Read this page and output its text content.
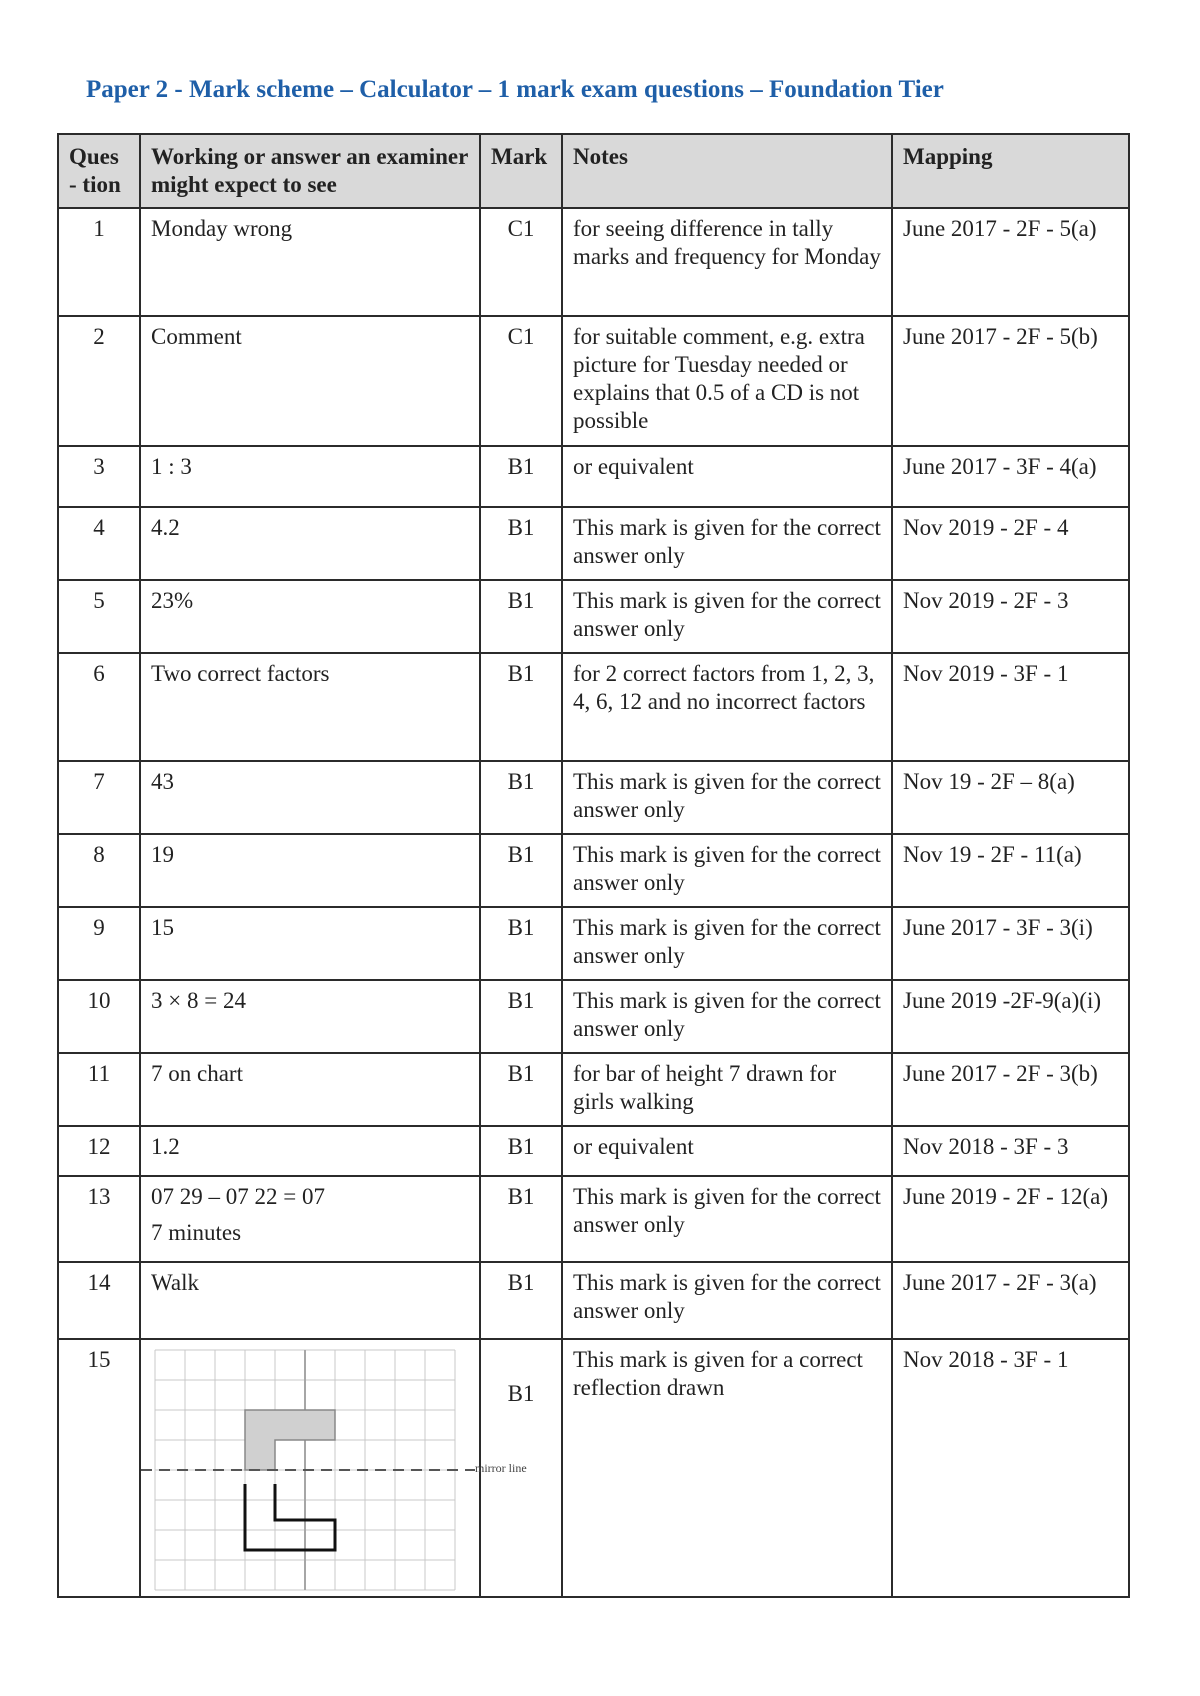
Paper 2 - Mark scheme – Calculator – 1 mark exam questions – Foundation Tier
Ques - tion	Working or answer an examiner might expect to see	Mark	Notes	Mapping
1	Monday wrong	C1	for seeing difference in tally marks and frequency for Monday	June 2017 - 2F - 5(a)
2	Comment	C1	for suitable comment, e.g. extra picture for Tuesday needed or explains that 0.5 of a CD is not possible	June 2017 - 2F - 5(b)
3	1 : 3	B1	or equivalent	June 2017 - 3F - 4(a)
4	4.2	B1	This mark is given for the correct answer only	Nov 2019 - 2F - 4
5	23%	B1	This mark is given for the correct answer only	Nov 2019 - 2F - 3
6	Two correct factors	B1	for 2 correct factors from 1, 2, 3, 4, 6, 12 and no incorrect factors	Nov 2019 - 3F - 1
7	43	B1	This mark is given for the correct answer only	Nov 19 - 2F – 8(a)
8	19	B1	This mark is given for the correct answer only	Nov 19 - 2F - 11(a)
9	15	B1	This mark is given for the correct answer only	June 2017 - 3F - 3(i)
10	3 × 8 = 24	B1	This mark is given for the correct answer only	June 2019 -2F-9(a)(i)
11	7 on chart	B1	for bar of height 7 drawn for girls walking	June 2017 - 2F - 3(b)
12	1.2	B1	or equivalent	Nov 2018 - 3F - 3
13	07 29 – 07 22 = 07
7 minutes	B1	This mark is given for the correct answer only	June 2019 - 2F - 12(a)
14	Walk	B1	This mark is given for the correct answer only	June 2017 - 2F - 3(a)
15	mirror line	B1	This mark is given for a correct reflection drawn	Nov 2018 - 3F - 1
